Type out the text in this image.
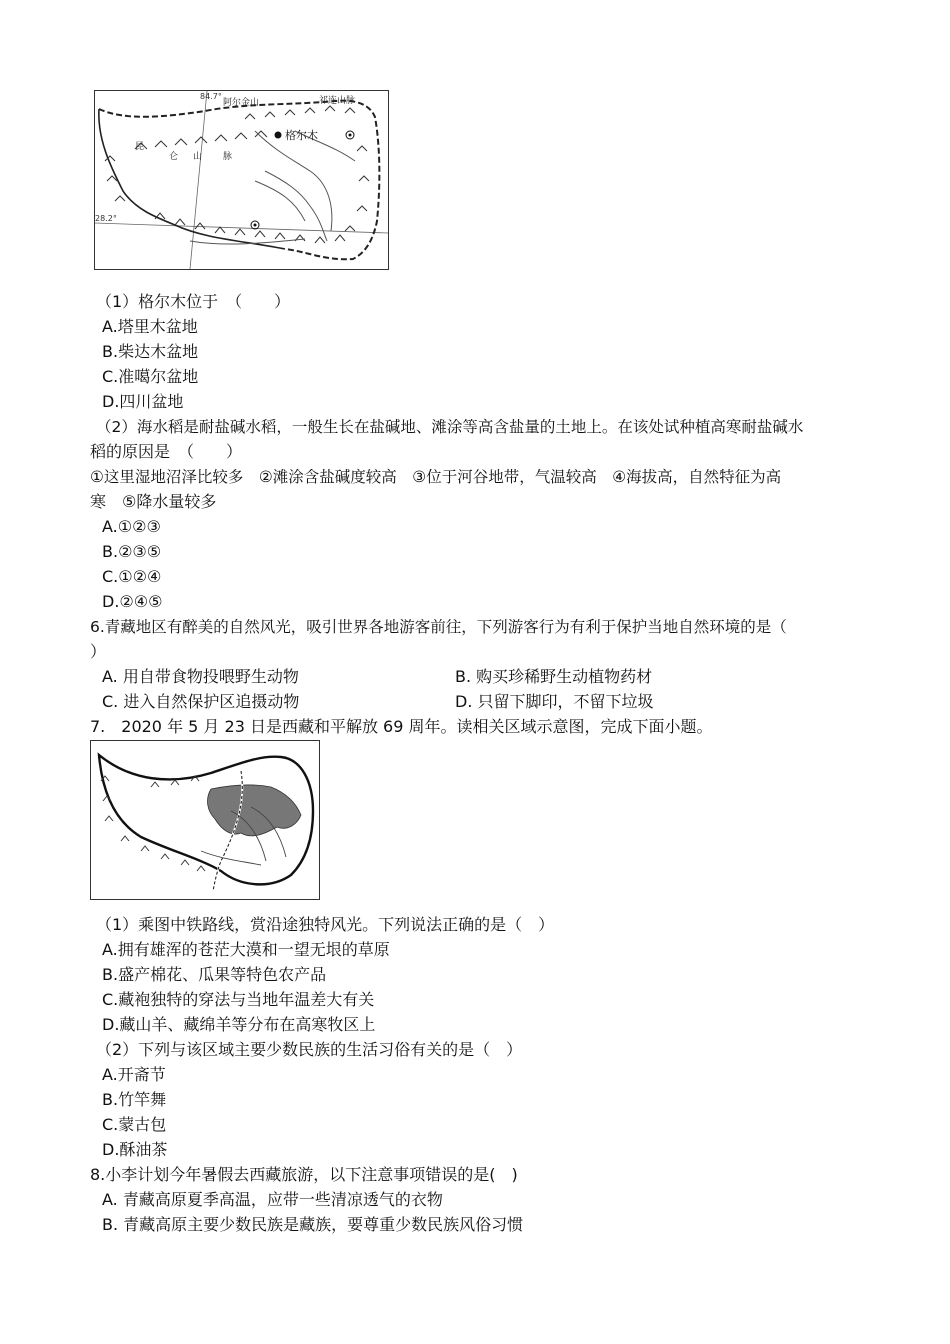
84.7°
28.2°
阿尔金山	祁连山脉
昆
仑 山 脉
格尔木
（1）格尔木位于　（　　）
A.塔里木盆地
B.柴达木盆地
C.准噶尔盆地
D.四川盆地
（2）海水稻是耐盐碱水稻，一般生长在盐碱地、滩涂等高含盐量的土地上。在该处试种植高寒耐盐碱水
稻的原因是　（　　）
①这里湿地沼泽比较多　②滩涂含盐碱度较高　③位于河谷地带，气温较高　④海拔高，自然特征为高
寒　⑤降水量较多
A.①②③
B.②③⑤
C.①②④
D.②④⑤
6.青藏地区有醉美的自然风光，吸引世界各地游客前往，下列游客行为有利于保护当地自然环境的是（
）
A. 用自带食物投喂野生动物	B. 购买珍稀野生动植物药材
C. 进入自然保护区追摄动物	D. 只留下脚印，不留下垃圾
7.　2020 年 5 月 23 日是西藏和平解放 69 周年。读相关区域示意图，完成下面小题。
（1）乘图中铁路线，赏沿途独特风光。下列说法正确的是（　）
A.拥有雄浑的苍茫大漠和一望无垠的草原
B.盛产棉花、瓜果等特色农产品
C.藏袍独特的穿法与当地年温差大有关
D.藏山羊、藏绵羊等分布在高寒牧区上
（2）下列与该区域主要少数民族的生活习俗有关的是（　）
A.开斋节
B.竹竿舞
C.蒙古包
D.酥油茶
8.小李计划今年暑假去西藏旅游，以下注意事项错误的是(　)
A. 青藏高原夏季高温，应带一些清凉透气的衣物
B. 青藏高原主要少数民族是藏族，要尊重少数民族风俗习惯
